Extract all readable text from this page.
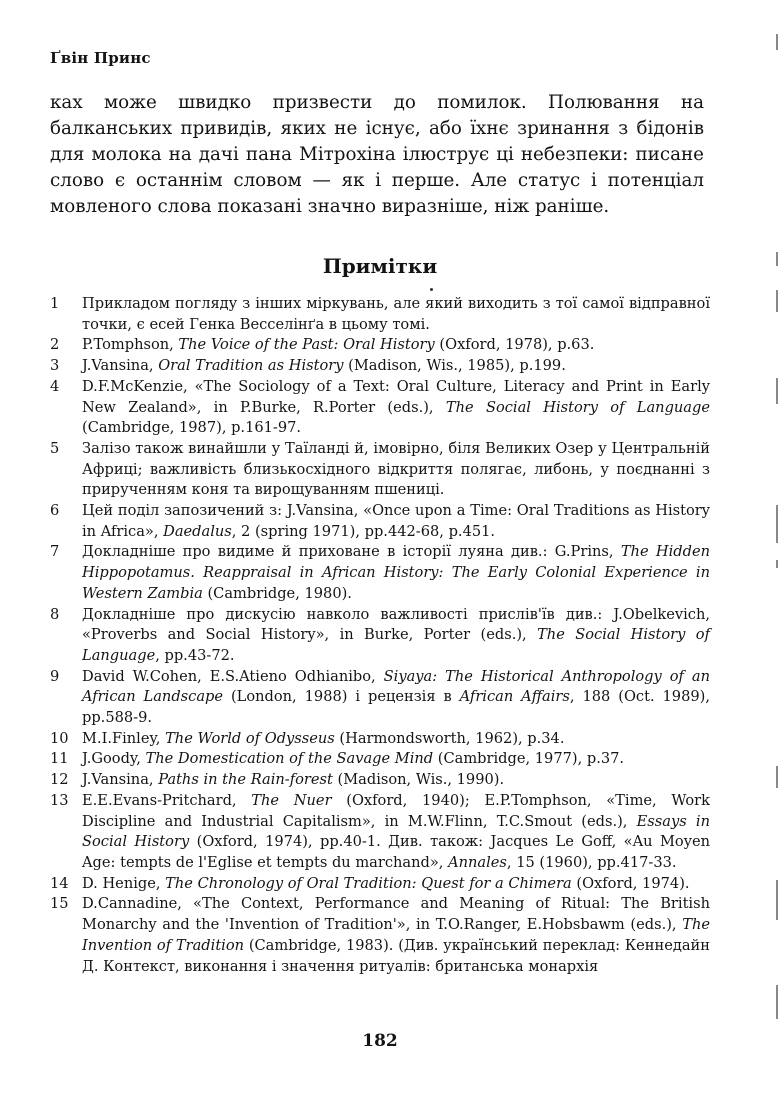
Ґвін Принс

ках може швидко призвести до помилок. Полювання на балканських привидів, яких не існує, або їхнє зринання з бідонів для молока на дачі пана Мітрохіна ілюструє ці небезпеки: писане слово є останнім словом — як і перше. Але статус і потенціал мовленого слова показані значно виразніше, ніж раніше.

Примітки
1 Прикладом погляду з інших міркувань, але який виходить з тої самої відправної точки, є есей Генка Весселінґа в цьому томі.
2 P.Tomphson, The Voice of the Past: Oral History (Oxford, 1978), p.63.
3 J.Vansina, Oral Tradition as History (Madison, Wis., 1985), p.199.
4 D.F.McKenzie, «The Sociology of a Text: Oral Culture, Literacy and Print in Early New Zealand», in P.Burke, R.Porter (eds.), The Social History of Language (Cambridge, 1987), p.161-97.
5 Залізо також винайшли у Таїланді й, імовірно, біля Великих Озер у Центральній Африці; важливість близькосхідного відкриття полягає, либонь, у поєднанні з прирученням коня та вирощуванням пшениці.
6 Цей поділ запозичений з: J.Vansina, «Once upon a Time: Oral Traditions as History in Africa», Daedalus, 2 (spring 1971), pp.442-68, p.451.
7 Докладніше про видиме й приховане в історії луяна див.: G.Prins, The Hidden Hippopotamus. Reappraisal in African History: The Early Colonial Experience in Western Zambia (Cambridge, 1980).
8 Докладніше про дискусію навколо важливості прислів'їв див.: J.Obelkevich, «Proverbs and Social History», in Burke, Porter (eds.), The Social History of Language, pp.43-72.
9 David W.Cohen, E.S.Atieno Odhianibo, Siyaya: The Historical Anthropology of an African Landscape (London, 1988) і рецензія в African Affairs, 188 (Oct. 1989), pp.588-9.
10 M.I.Finley, The World of Odysseus (Harmondsworth, 1962), p.34.
11 J.Goody, The Domestication of the Savage Mind (Cambridge, 1977), p.37.
12 J.Vansina, Paths in the Rain-forest (Madison, Wis., 1990).
13 E.E.Evans-Pritchard, The Nuer (Oxford, 1940); E.P.Tomphson, «Time, Work Discipline and Industrial Capitalism», in M.W.Flinn, T.C.Smout (eds.), Essays in Social History (Oxford, 1974), pp.40-1. Див. також: Jacques Le Goff, «Au Moyen Age: tempts de l'Eglise et tempts du marchand», Annales, 15 (1960), pp.417-33.
14 D. Henige, The Chronology of Oral Tradition: Quest for a Chimera (Oxford, 1974).
15 D.Cannadine, «The Context, Performance and Meaning of Ritual: The British Monarchy and the 'Invention of Tradition'», in T.O.Ranger, E.Hobsbawm (eds.), The Invention of Tradition (Cambridge, 1983). (Див. український переклад: Кеннедайн Д. Контекст, виконання і значення ритуалів: британська монархія
182
